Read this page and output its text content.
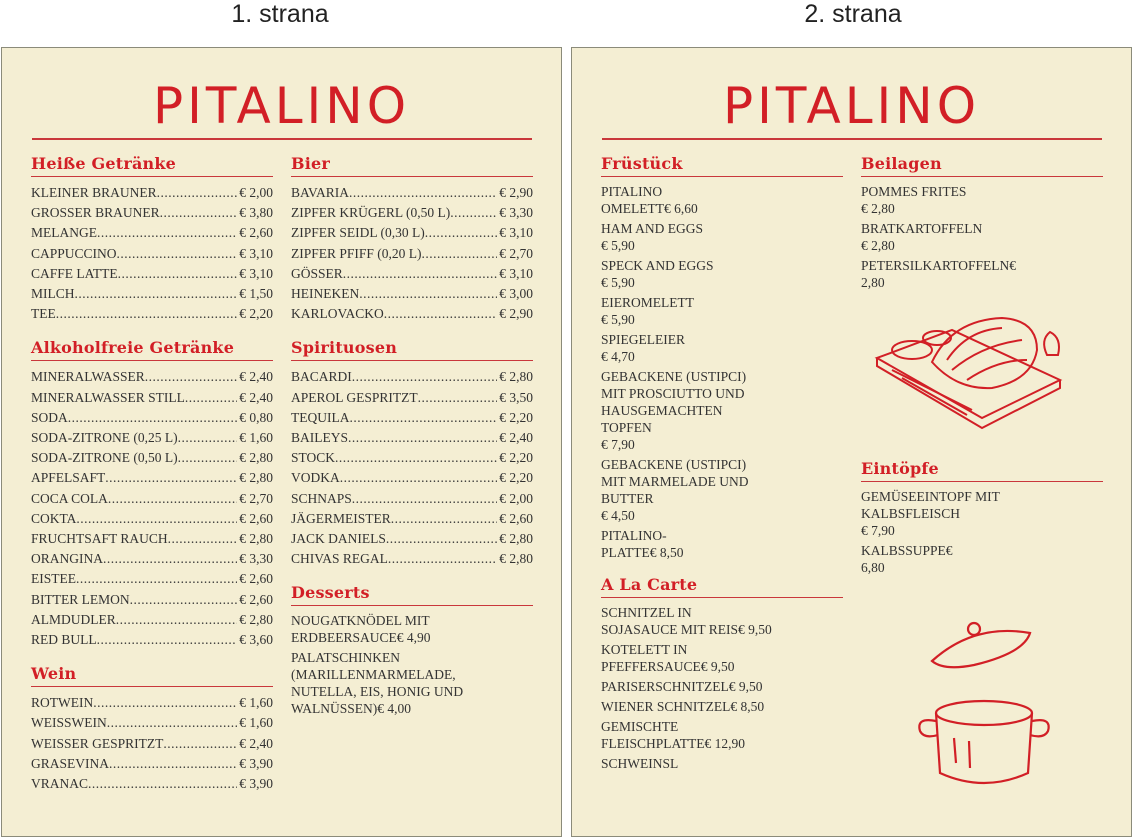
1. strana	2. strana
PITALINO
Heiße Getränke
KLEINER BRAUNER .....	€ 2,00
GROSSER BRAUNER .....	€ 3,80
MELANGE .....	€ 2,60
CAPPUCCINO .....	€ 3,10
CAFFE LATTE .....	€ 3,10
MILCH .....	€ 1,50
TEE .....	€ 2,20
Alkoholfreie Getränke
MINERALWASSER .....	€ 2,40
MINERALWASSER STILL .....	€ 2,40
SODA .....	€ 0,80
SODA-ZITRONE (0,25 L) .....	€ 1,60
SODA-ZITRONE (0,50 L) .....	€ 2,80
APFELSAFT .....	€ 2,80
COCA COLA .....	€ 2,70
COKTA .....	€ 2,60
FRUCHTSAFT RAUCH .....	€ 2,80
ORANGINA .....	€ 3,30
EISTEE .....	€ 2,60
BITTER LEMON .....	€ 2,60
ALMDUDLER .....	€ 2,80
RED BULL .....	€ 3,60
Wein
ROTWEIN .....	€ 1,60
WEISSWEIN .....	€ 1,60
WEISSER GESPRITZT .....	€ 2,40
GRASEVINA .....	€ 3,90
VRANAC .....	€ 3,90
Bier
BAVARIA .....	€ 2,90
ZIPFER KRÜGERL (0,50 L) .....	€ 3,30
ZIPFER SEIDL (0,30 L) .....	€ 3,10
ZIPFER PFIFF (0,20 L) .....	€ 2,70
GÖSSER .....	€ 3,10
HEINEKEN .....	€ 3,00
KARLOVACKO .....	€ 2,90
Spirituosen
BACARDI .....	€ 2,80
APEROL GESPRITZT .....	€ 3,50
TEQUILA .....	€ 2,20
BAILEYS .....	€ 2,40
STOCK .....	€ 2,20
VODKA .....	€ 2,20
SCHNAPS .....	€ 2,00
JÄGERMEISTER .....	€ 2,60
JACK DANIELS .....	€ 2,80
CHIVAS REGAL .....	€ 2,80
Desserts
NOUGATKNÖDEL MIT
ERDBEERSAUCE € 4,90
PALATSCHINKEN
(MARILLENMARMELADE,
NUTELLA, EIS, HONIG UND
WALNÜSSEN) € 4,00
PITALINO
Früstück
PITALINO
OMELETT € 6,60
HAM AND EGGS
€ 5,90
SPECK AND EGGS
€ 5,90
EIEROMELETT
€ 5,90
SPIEGELEIER
€ 4,70
GEBACKENE (USTIPCI)
MIT PROSCIUTTO UND
HAUSGEMACHTEN
TOPFEN
€ 7,90
GEBACKENE (USTIPCI)
MIT MARMELADE UND
BUTTER
€ 4,50
PITALINO-
PLATTE € 8,50
A La Carte
SCHNITZEL IN
SOJASAUCE MIT REIS € 9,50
KOTELETT IN
PFEFFERSAUCE € 9,50
PARISERSCHNITZEL € 9,50
WIENER SCHNITZEL € 8,50
GEMISCHTE
FLEISCHPLATTE € 12,90
SCHWEINSL
Beilagen
POMMES FRITES
€ 2,80
BRATKARTOFFELN
€ 2,80
PETERSILKARTOFFELN €
2,80
Eintöpfe
GEMÜSEEINTOPF MIT
KALBSFLEISCH
€ 7,90
KALBSSUPPE €
6,80
